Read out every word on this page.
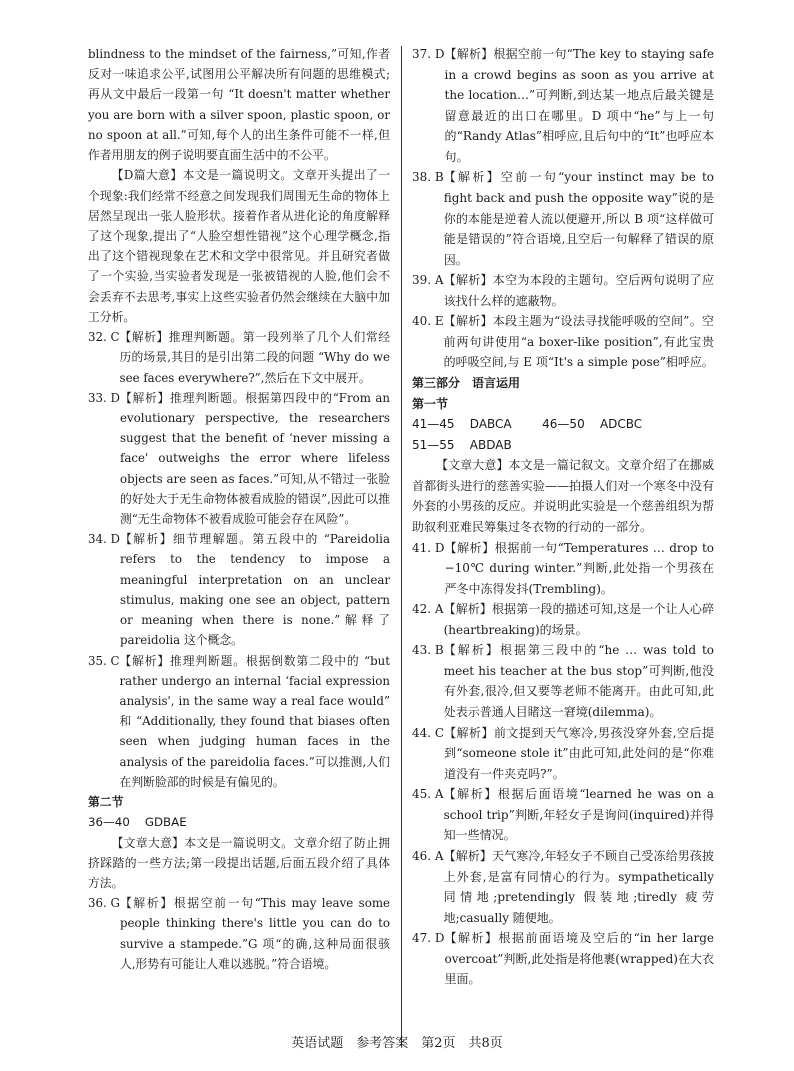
blindness to the mindset of the fairness,”可知,作者反对一味追求公平,试图用公平解决所有问题的思维模式;再从文中最后一段第一句 “It doesn't matter whether you are born with a silver spoon, plastic spoon, or no spoon at all.”可知,每个人的出生条件可能不一样,但作者用朋友的例子说明要直面生活中的不公平。

【D篇大意】本文是一篇说明文。文章开头提出了一个现象:我们经常不经意之间发现我们周围无生命的物体上居然呈现出一张人脸形状。接着作者从进化论的角度解释了这个现象,提出了“人脸空想性错视”这个心理学概念,指出了这个错视现象在艺术和文学中很常见。并且研究者做了一个实验,当实验者发现是一张被错视的人脸,他们会不会丢弃不去思考,事实上这些实验者仍然会继续在大脑中加工分析。

32. C 【解析】推理判断题。第一段列举了几个人们常经历的场景,其目的是引出第二段的问题 “Why do we see faces everywhere?”,然后在下文中展开。
33. D 【解析】推理判断题。根据第四段中的“From an evolutionary perspective, the researchers suggest that the benefit of ‘never missing a face' outweighs the error where lifeless objects are seen as faces.”可知,从不错过一张脸的好处大于无生命物体被看成脸的错误”,因此可以推测“无生命物体不被看成脸可能会存在风险”。
34. D 【解析】细节理解题。第五段中的 “Pareidolia refers to the tendency to impose a meaningful interpretation on an unclear stimulus, making one see an object, pattern or meaning when there is none.”解释了 pareidolia 这个概念。
35. C 【解析】推理判断题。根据倒数第二段中的 “but rather undergo an internal ‘facial expression analysis', in the same way a real face would” 和 “Additionally, they found that biases often seen when judging human faces in the analysis of the pareidolia faces.”可以推测,人们在判断脸部的时候是有偏见的。

第二节

36—40    GDBAE

【文章大意】本文是一篇说明文。文章介绍了防止拥挤踩踏的一些方法;第一段提出话题,后面五段介绍了具体方法。

36. G 【解析】根据空前一句“This may leave some people thinking there's little you can do to survive a stampede.”G 项“的确,这种局面很骇人,形势有可能让人难以逃脱。”符合语境。
37. D 【解析】根据空前一句“The key to staying safe in a crowd begins as soon as you arrive at the location…”可判断,到达某一地点后最关键是留意最近的出口在哪里。D 项中“he”与上一句的“Randy Atlas”相呼应,且后句中的“It”也呼应本句。
38. B 【解析】空前一句“your instinct may be to fight back and push the opposite way”说的是你的本能是逆着人流以便避开,所以 B 项“这样做可能是错误的”符合语境,且空后一句解释了错误的原因。
39. A 【解析】本空为本段的主题句。空后两句说明了应该找什么样的遮蔽物。
40. E 【解析】本段主题为“设法寻找能呼吸的空间”。空前两句讲使用“a boxer-like position”,有此宝贵的呼吸空间,与 E 项“It's a simple pose”相呼应。

第三部分　语言运用

第一节

41—45    DABCA        46—50    ADCBC

51—55    ABDAB

【文章大意】本文是一篇记叙文。文章介绍了在挪威首都街头进行的慈善实验——拍摄人们对一个寒冬中没有外套的小男孩的反应。并说明此实验是一个慈善组织为帮助叙利亚难民筹集过冬衣物的行动的一部分。

41. D 【解析】根据前一句“Temperatures … drop to −10℃ during winter.”判断,此处指一个男孩在严冬中冻得发抖(Trembling)。
42. A 【解析】根据第一段的描述可知,这是一个让人心碎(heartbreaking)的场景。
43. B 【解析】根据第三段中的“he … was told to meet his teacher at the bus stop”可判断,他没有外套,很冷,但又要等老师不能离开。由此可知,此处表示普通人目睹这一窘境(dilemma)。
44. C 【解析】前文提到天气寒冷,男孩没穿外套,空后提到“someone stole it”由此可知,此处问的是“你难道没有一件夹克吗?”。
45. A 【解析】根据后面语境“learned he was on a school trip”判断,年轻女子是询问(inquired)并得知一些情况。
46. A 【解析】天气寒冷,年轻女子不顾自己受冻给男孩披上外套,是富有同情心的行为。sympathetically 同情地;pretendingly 假装地;tiredly 疲劳地;casually 随便地。
47. D 【解析】根据前面语境及空后的“in her large overcoat”判断,此处指是将他裹(wrapped)在大衣里面。
英语试题　参考答案　第2页　共8页
